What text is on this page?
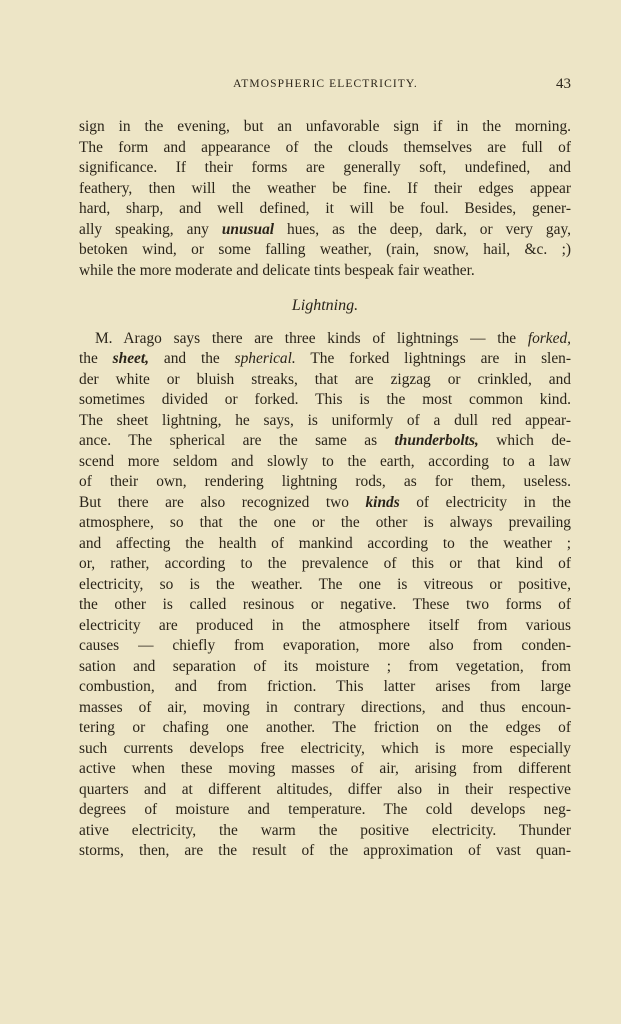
ATMOSPHERIC ELECTRICITY.	43
sign in the evening, but an unfavorable sign if in the morning.
The form and appearance of the clouds themselves are full of
significance. If their forms are generally soft, undefined, and
feathery, then will the weather be fine. If their edges appear
hard, sharp, and well defined, it will be foul. Besides, gener-
ally speaking, any unusual hues, as the deep, dark, or very gay,
betoken wind, or some falling weather, (rain, snow, hail, &c. ;)
while the more moderate and delicate tints bespeak fair weather.
Lightning.
M. Arago says there are three kinds of lightnings — the forked,
the sheet, and the spherical. The forked lightnings are in slen-
der white or bluish streaks, that are zigzag or crinkled, and
sometimes divided or forked. This is the most common kind.
The sheet lightning, he says, is uniformly of a dull red appear-
ance. The spherical are the same as thunderbolts, which de-
scend more seldom and slowly to the earth, according to a law
of their own, rendering lightning rods, as for them, useless.
But there are also recognized two kinds of electricity in the
atmosphere, so that the one or the other is always prevailing
and affecting the health of mankind according to the weather ;
or, rather, according to the prevalence of this or that kind of
electricity, so is the weather. The one is vitreous or positive,
the other is called resinous or negative. These two forms of
electricity are produced in the atmosphere itself from various
causes — chiefly from evaporation, more also from conden-
sation and separation of its moisture ; from vegetation, from
combustion, and from friction. This latter arises from large
masses of air, moving in contrary directions, and thus encoun-
tering or chafing one another. The friction on the edges of
such currents develops free electricity, which is more especially
active when these moving masses of air, arising from different
quarters and at different altitudes, differ also in their respective
degrees of moisture and temperature. The cold develops neg-
ative electricity, the warm the positive electricity. Thunder
storms, then, are the result of the approximation of vast quan-
